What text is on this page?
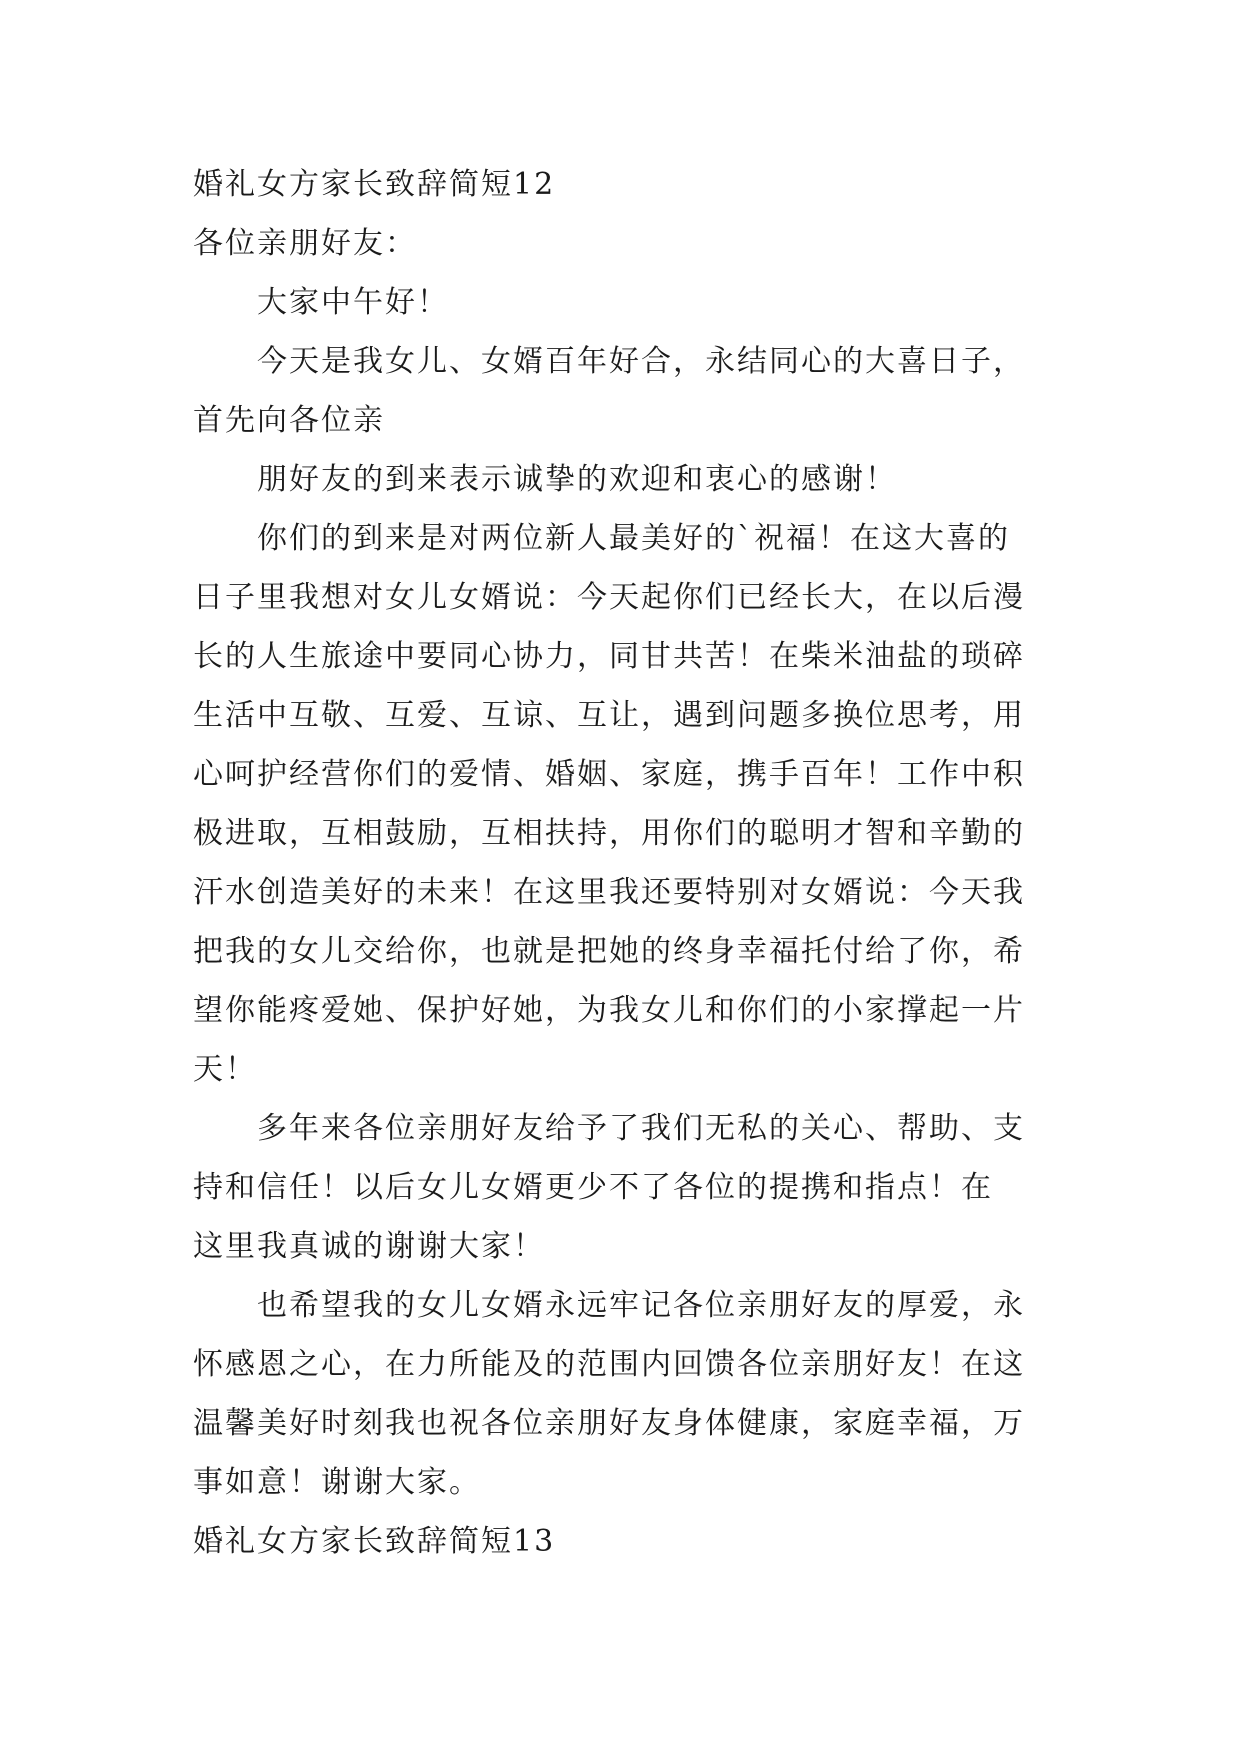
婚礼女方家长致辞简短12
各位亲朋好友：
大家中午好！
今天是我女儿、女婿百年好合，永结同心的大喜日子，
首先向各位亲
朋好友的到来表示诚挚的欢迎和衷心的感谢！
你们的到来是对两位新人最美好的`祝福！在这大喜的
日子里我想对女儿女婿说：今天起你们已经长大，在以后漫
长的人生旅途中要同心协力，同甘共苦！在柴米油盐的琐碎
生活中互敬、互爱、互谅、互让，遇到问题多换位思考，用
心呵护经营你们的爱情、婚姻、家庭，携手百年！工作中积
极进取，互相鼓励，互相扶持，用你们的聪明才智和辛勤的
汗水创造美好的未来！在这里我还要特别对女婿说：今天我
把我的女儿交给你，也就是把她的终身幸福托付给了你，希
望你能疼爱她、保护好她，为我女儿和你们的小家撑起一片
天！
多年来各位亲朋好友给予了我们无私的关心、帮助、支
持和信任！以后女儿女婿更少不了各位的提携和指点！在
这里我真诚的谢谢大家！
也希望我的女儿女婿永远牢记各位亲朋好友的厚爱，永
怀感恩之心，在力所能及的范围内回馈各位亲朋好友！在这
温馨美好时刻我也祝各位亲朋好友身体健康，家庭幸福，万
事如意！谢谢大家。
婚礼女方家长致辞简短13
